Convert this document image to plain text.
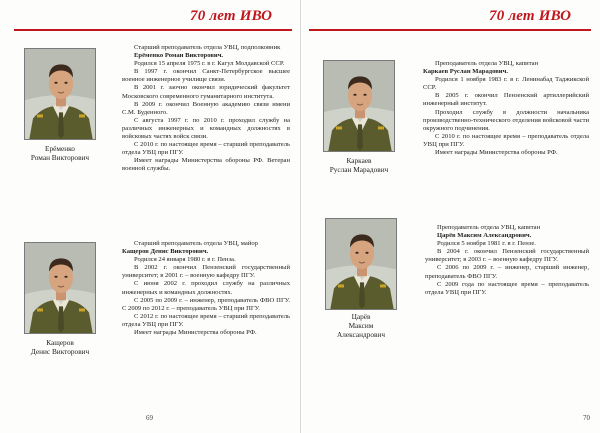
70 лет ИВО
Ерёменко
Роман Викторович

Старший преподаватель отдела УВЦ, подполковник

Ерёменко Роман Викторович.

Родился 15 апреля 1975 г. в г. Кагул Молдавской ССР.

В 1997 г. окончил Санкт-Петербургское высшее военное инженерное училище связи.

В 2001 г. заочно окончил юридический факультет Московского современного гуманитарного института.

В 2009 г. окончил Военную академию связи имени С.М. Буденного.

С августа 1997 г. по 2010 г. проходил службу на различных инженерных и командных должностях в войсковых частях войск связи.

С 2010 г. по настоящее время – старший преподаватель отдела УВЦ при ПГУ.

Имеет награды Министерства обороны РФ. Ветеран военной службы.

Кащеров
Денис Викторович

Старший преподаватель отдела УВЦ, майор

Кащеров Денис Викторович.

Родился 24 января 1980 г. в г. Пенза.

В 2002 г. окончил Пензенский государственный университет; в 2001 г. – военную кафедру ПГУ.

С июня 2002 г. проходил службу на различных инженерных и командных должностях.

С 2005 по 2009 г. – инженер, преподаватель ФВО ПГУ. С 2009 по 2012 г. – преподаватель УВЦ при ПГУ.

С 2012 г. по настоящее время – старший преподаватель отдела УВЦ при ПГУ.

Имеет награды Министерства обороны РФ.

69
70 лет ИВО
Каркаев
Руслан Марадович

Преподаватель отдела УВЦ, капитан

Каркаев Руслан Марадович.

Родился 1 ноября 1983 г. в г. Ленинабад Таджикской ССР.

В 2005 г. окончил Пензенский артиллерийский инженерный институт.

Проходил службу в должности начальника производственно-технического отделения войсковой части окружного подчинения.

С 2010 г. по настоящее время – преподаватель отдела УВЦ при ПГУ.

Имеет награды Министерства обороны РФ.

Царёв
Максим
Александрович

Преподаватель отдела УВЦ, капитан

Царёв Максим Александрович.

Родился 5 ноября 1981 г. в г. Пензе.

В 2004 г. окончил Пензенский государственный университет; в 2003 г. – военную кафедру ПГУ.

С 2006 по 2009 г. – инженер, старший инженер, преподаватель ФВО ПГУ.

С 2009 года по настоящее время – преподаватель отдела УВЦ при ПГУ.

70
